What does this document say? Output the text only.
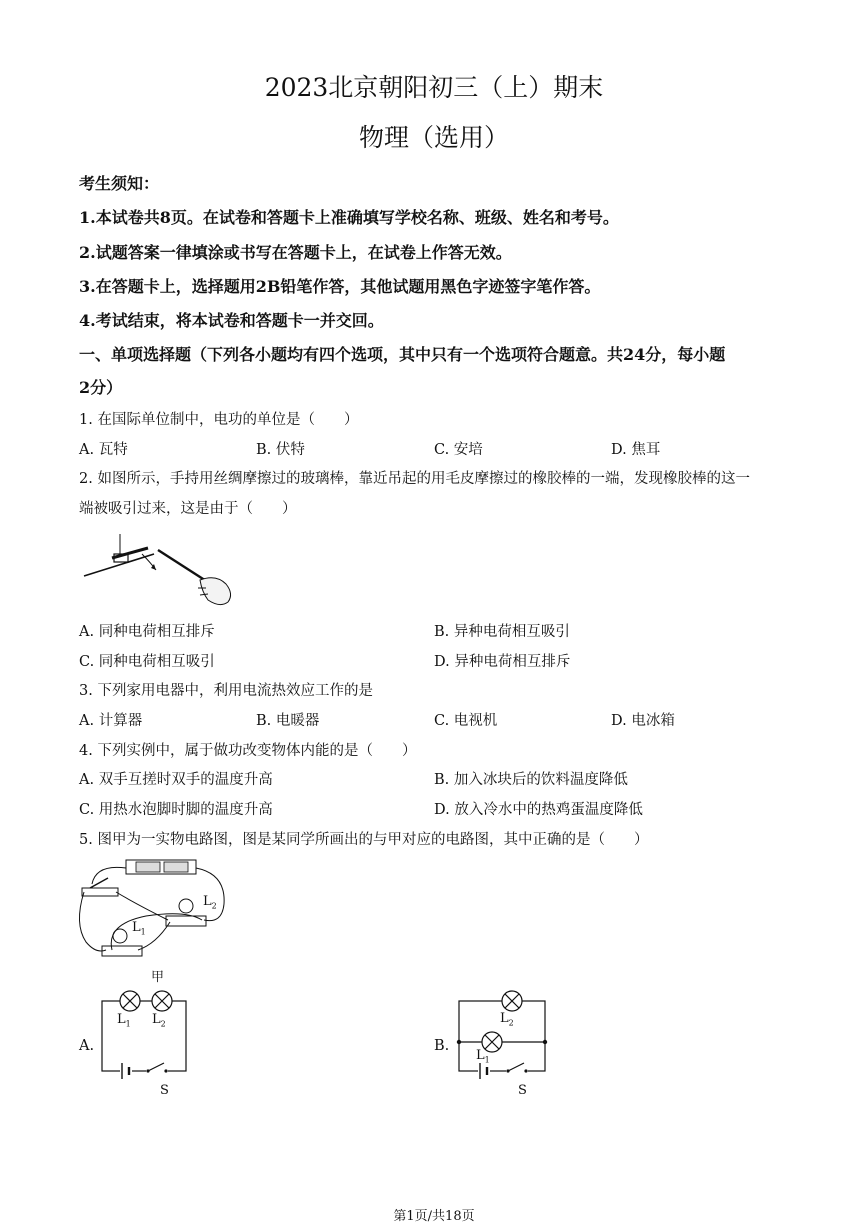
2023北京朝阳初三（上）期末
物理（选用）
考生须知：
1.本试卷共8页。在试卷和答题卡上准确填写学校名称、班级、姓名和考号。
2.试题答案一律填涂或书写在答题卡上，在试卷上作答无效。
3.在答题卡上，选择题用2B铅笔作答，其他试题用黑色字迹签字笔作答。
4.考试结束，将本试卷和答题卡一并交回。
一、单项选择题（下列各小题均有四个选项，其中只有一个选项符合题意。共24分，每小题
2分）
1. 在国际单位制中，电功的单位是（　　）
A. 瓦特	B. 伏特	C. 安培	D. 焦耳
2. 如图所示，手持用丝绸摩擦过的玻璃棒，靠近吊起的用毛皮摩擦过的橡胶棒的一端，发现橡胶棒的这一
端被吸引过来，这是由于（　　）
A. 同种电荷相互排斥	B. 异种电荷相互吸引
C. 同种电荷相互吸引	D. 异种电荷相互排斥
3. 下列家用电器中，利用电流热效应工作的是
A. 计算器	B. 电暖器	C. 电视机	D. 电冰箱
4. 下列实例中，属于做功改变物体内能的是（　　）
A. 双手互搓时双手的温度升高	B. 加入冰块后的饮料温度降低
C. 用热水泡脚时脚的温度升高	D. 放入冷水中的热鸡蛋温度降低
5. 图甲为一实物电路图，图是某同学所画出的与甲对应的电路图，其中正确的是（　　）
$L_1$
$L_2$
甲
A.
$L_1$ $L_2$
S
B.
$L_2$
$L_1$
S
第1页/共18页
